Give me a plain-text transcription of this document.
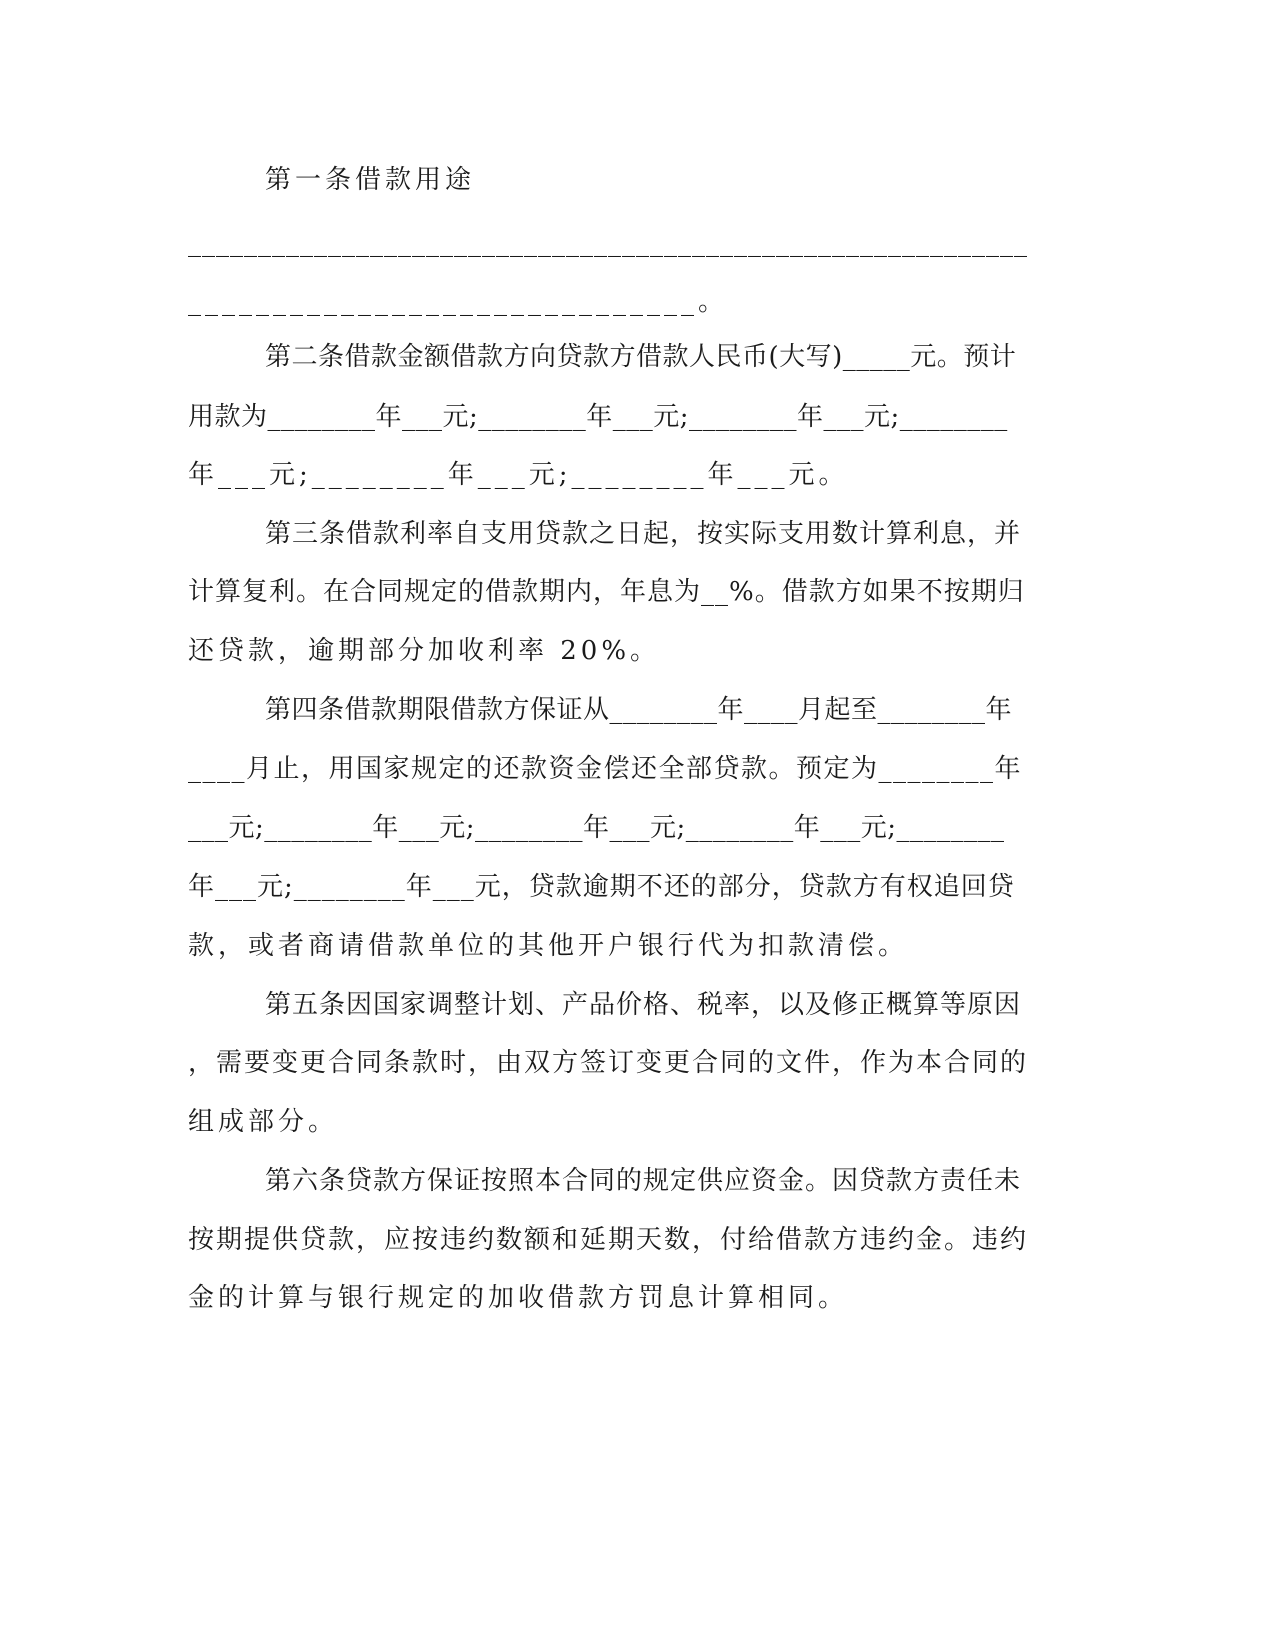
第一条借款用途
____________________________________________________________
______________________________。
第二条借款金额借款方向贷款方借款人民币(大写)_____元。预计
用款为________年___元;________年___元;________年___元;________
年___元;________年___元;________年___元。
第三条借款利率自支用贷款之日起，按实际支用数计算利息，并
计算复利。在合同规定的借款期内，年息为__%。借款方如果不按期归
还贷款，逾期部分加收利率 20%。
第四条借款期限借款方保证从________年____月起至________年
____月止，用国家规定的还款资金偿还全部贷款。预定为________年
___元;________年___元;________年___元;________年___元;________
年___元;________年___元，贷款逾期不还的部分，贷款方有权追回贷
款，或者商请借款单位的其他开户银行代为扣款清偿。
第五条因国家调整计划、产品价格、税率，以及修正概算等原因
，需要变更合同条款时，由双方签订变更合同的文件，作为本合同的
组成部分。
第六条贷款方保证按照本合同的规定供应资金。因贷款方责任未
按期提供贷款，应按违约数额和延期天数，付给借款方违约金。违约
金的计算与银行规定的加收借款方罚息计算相同。
